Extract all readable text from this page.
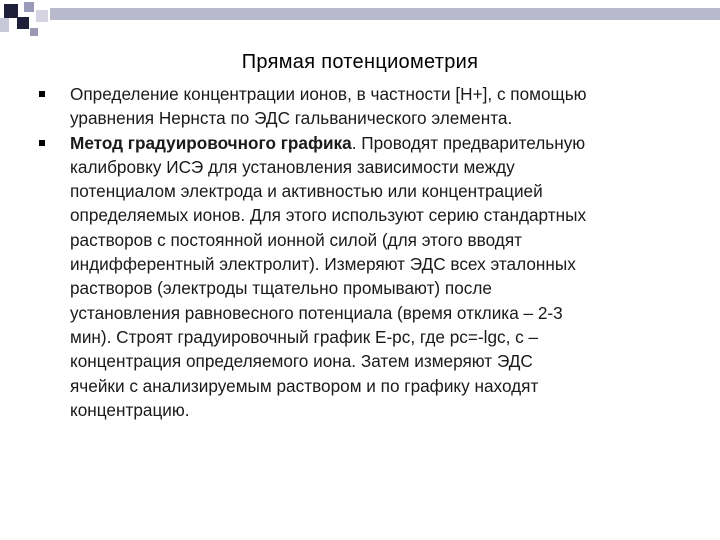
Прямая потенциометрия
Определение концентрации ионов, в частности [H+], с помощью
уравнения Нернста по ЭДС гальванического элемента.
Метод градуировочного графика. Проводят предварительную
калибровку ИСЭ для установления зависимости между
потенциалом электрода и активностью или концентрацией
определяемых ионов. Для этого используют серию стандартных
растворов с постоянной ионной силой (для этого вводят
индифферентный электролит). Измеряют ЭДС всех эталонных
растворов (электроды тщательно промывают) после
установления равновесного потенциала (время отклика – 2-3
мин). Строят градуировочный график E-pc, где pc=-lgc, c –
концентрация определяемого иона. Затем измеряют ЭДС
ячейки с анализируемым раствором и по графику находят
концентрацию.
